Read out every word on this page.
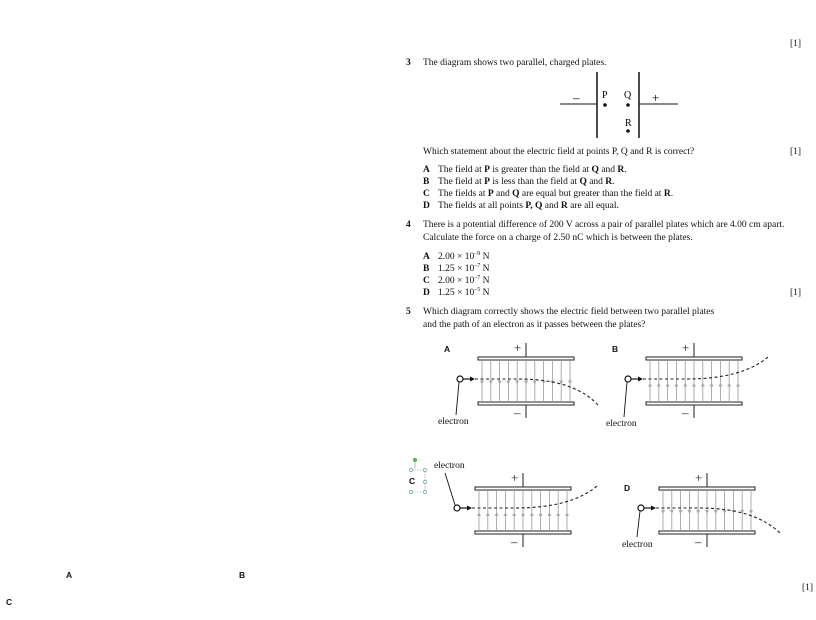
[1]
[1]
[1]
[1]
3 The diagram shows two parallel, charged plates.
–	+
P Q
R
Which statement about the electric field at points P, Q and R is correct?
A The field at P is greater than the field at Q and R.
B The field at P is less than the field at Q and R.
C The fields at P and Q are equal but greater than the field at R.
D The fields at all points P, Q and R are all equal.
4 There is a potential difference of 200 V across a pair of parallel plates which are 4.00 cm apart.
Calculate the force on a charge of 2.50 nC which is between the plates.
A $2.00 \times 10^{-9}$ N
B $1.25 \times 10^{-7}$ N
C $2.00 \times 10^{-7}$ N
D $1.25 \times 10^{-5}$ N
5 Which diagram correctly shows the electric field between two parallel plates
and the path of an electron as it passes between the plates?
A	B
C
D
+
–
+
–
+
–
+
–
electron	electron
electron
electron
A	B
C
